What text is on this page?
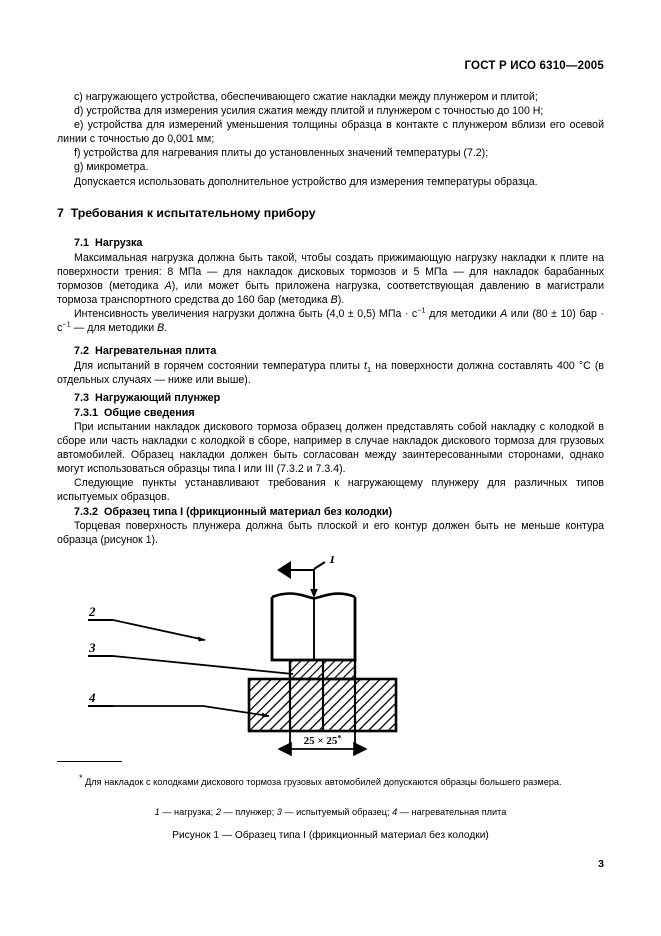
ГОСТ Р ИСО 6310—2005

c) нагружающего устройства, обеспечивающего сжатие накладки между плунжером и плитой;

d) устройства для измерения усилия сжатия между плитой и плунжером с точностью до 100 Н;

e) устройства для измерений уменьшения толщины образца в контакте с плунжером вблизи его осевой линии с точностью до 0,001 мм;

f) устройства для нагревания плиты до установленных значений температуры (7.2);

g) микрометра.

Допускается использовать дополнительное устройство для измерения температуры образца.

7 Требования к испытательному прибору
7.1 Нагрузка

Максимальная нагрузка должна быть такой, чтобы создать прижимающую нагрузку накладки к плите на поверхности трения: 8 МПа — для накладок дисковых тормозов и 5 МПа — для накладок барабанных тормозов (методика A), или может быть приложена нагрузка, соответствующая давлению в магистрали тормоза транспортного средства до 160 бар (методика B).

Интенсивность увеличения нагрузки должна быть (4,0 ± 0,5) МПа · $с^{-1}$ для методики A или (80 ± 10) бар · $с^{-1}$ — для методики B.

7.2 Нагревательная плита

Для испытаний в горячем состоянии температура плиты $t_1$ на поверхности должна составлять 400 °С (в отдельных случаях — ниже или выше).

7.3 Нагружающий плунжер
7.3.1 Общие сведения

При испытании накладок дискового тормоза образец должен представлять собой накладку с колодкой в сборе или часть накладки с колодкой в сборе, например в случае накладок дискового тормоза для грузовых автомобилей. Образец накладки должен быть согласован между заинтересованными сторонами, однако могут использоваться образцы типа I или III (7.3.2 и 7.3.4).

Следующие пункты устанавливают требования к нагружающему плунжеру для различных типов испытуемых образцов.

7.3.2 Образец типа I (фрикционный материал без колодки)

Торцевая поверхность плунжера должна быть плоской и его контур должен быть не меньше контура образца (рисунок 1).

1
2
3
4
25 × 25*

* Для накладок с колодками дискового тормоза грузовых автомобилей допускаются образцы большего размера.

1 — нагрузка; 2 — плунжер; 3 — испытуемый образец; 4 — нагревательная плита
Рисунок 1 — Образец типа I (фрикционный материал без колодки)
3
